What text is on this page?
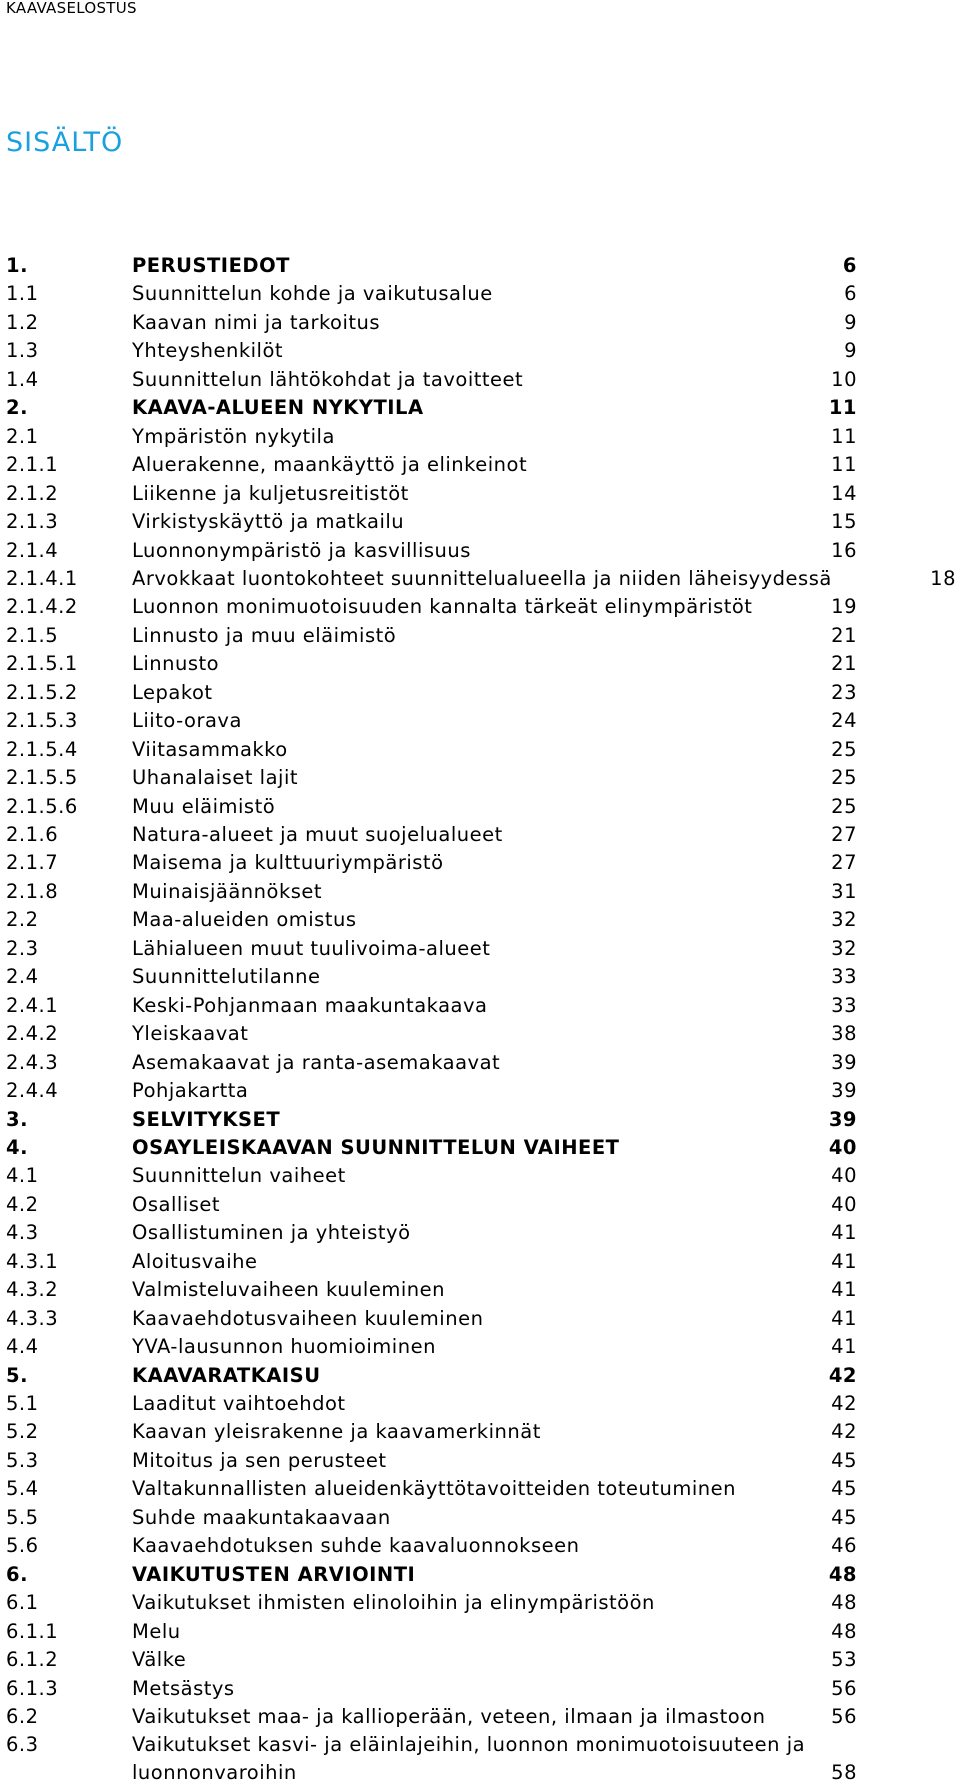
KAAVASELOSTUS
SISÄLTÖ
1.	PERUSTIEDOT	6
1.1	Suunnittelun kohde ja vaikutusalue	6
1.2	Kaavan nimi ja tarkoitus	9
1.3	Yhteyshenkilöt	9
1.4	Suunnittelun lähtökohdat ja tavoitteet	10
2.	KAAVA-ALUEEN NYKYTILA	11
2.1	Ympäristön nykytila	11
2.1.1	Aluerakenne, maankäyttö ja elinkeinot	11
2.1.2	Liikenne ja kuljetusreitistöt	14
2.1.3	Virkistyskäyttö ja matkailu	15
2.1.4	Luonnonympäristö ja kasvillisuus	16
2.1.4.1	Arvokkaat luontokohteet suunnittelualueella ja niiden läheisyydessä	18
2.1.4.2	Luonnon monimuotoisuuden kannalta tärkeät elinympäristöt	19
2.1.5	Linnusto ja muu eläimistö	21
2.1.5.1	Linnusto	21
2.1.5.2	Lepakot	23
2.1.5.3	Liito-orava	24
2.1.5.4	Viitasammakko	25
2.1.5.5	Uhanalaiset lajit	25
2.1.5.6	Muu eläimistö	25
2.1.6	Natura-alueet ja muut suojelualueet	27
2.1.7	Maisema ja kulttuuriympäristö	27
2.1.8	Muinaisjäännökset	31
2.2	Maa-alueiden omistus	32
2.3	Lähialueen muut tuulivoima-alueet	32
2.4	Suunnittelutilanne	33
2.4.1	Keski-Pohjanmaan maakuntakaava	33
2.4.2	Yleiskaavat	38
2.4.3	Asemakaavat ja ranta-asemakaavat	39
2.4.4	Pohjakartta	39
3.	SELVITYKSET	39
4.	OSAYLEISKAAVAN SUUNNITTELUN VAIHEET	40
4.1	Suunnittelun vaiheet	40
4.2	Osalliset	40
4.3	Osallistuminen ja yhteistyö	41
4.3.1	Aloitusvaihe	41
4.3.2	Valmisteluvaiheen kuuleminen	41
4.3.3	Kaavaehdotusvaiheen kuuleminen	41
4.4	YVA-lausunnon huomioiminen	41
5.	KAAVARATKAISU	42
5.1	Laaditut vaihtoehdot	42
5.2	Kaavan yleisrakenne ja kaavamerkinnät	42
5.3	Mitoitus ja sen perusteet	45
5.4	Valtakunnallisten alueidenkäyttötavoitteiden toteutuminen	45
5.5	Suhde maakuntakaavaan	45
5.6	Kaavaehdotuksen suhde kaavaluonnokseen	46
6.	VAIKUTUSTEN ARVIOINTI	48
6.1	Vaikutukset ihmisten elinoloihin ja elinympäristöön	48
6.1.1	Melu	48
6.1.2	Välke	53
6.1.3	Metsästys	56
6.2	Vaikutukset maa- ja kallioperään, veteen, ilmaan ja ilmastoon	56
6.3	Vaikutukset kasvi- ja eläinlajeihin, luonnon monimuotoisuuteen ja luonnonvaroihin	58
